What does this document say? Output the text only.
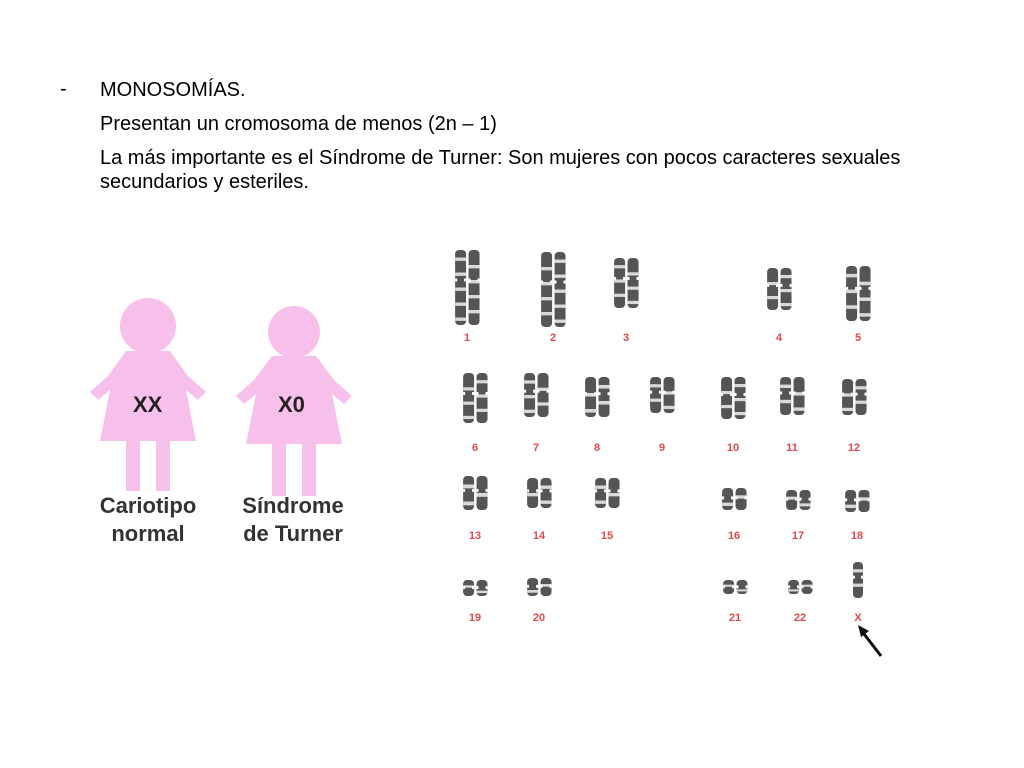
- MONOSOMÍAS.
Presentan un cromosoma de menos (2n – 1)
La más importante es el Síndrome de Turner: Son mujeres con pocos caracteres sexuales secundarios y esteriles.
XX
Cariotipo
normal
X0
Síndrome
de Turner
1	2	3	4	5
6	7	8	9	10	11	12
13	14	15	16	17	18
19	20	21	22	X
